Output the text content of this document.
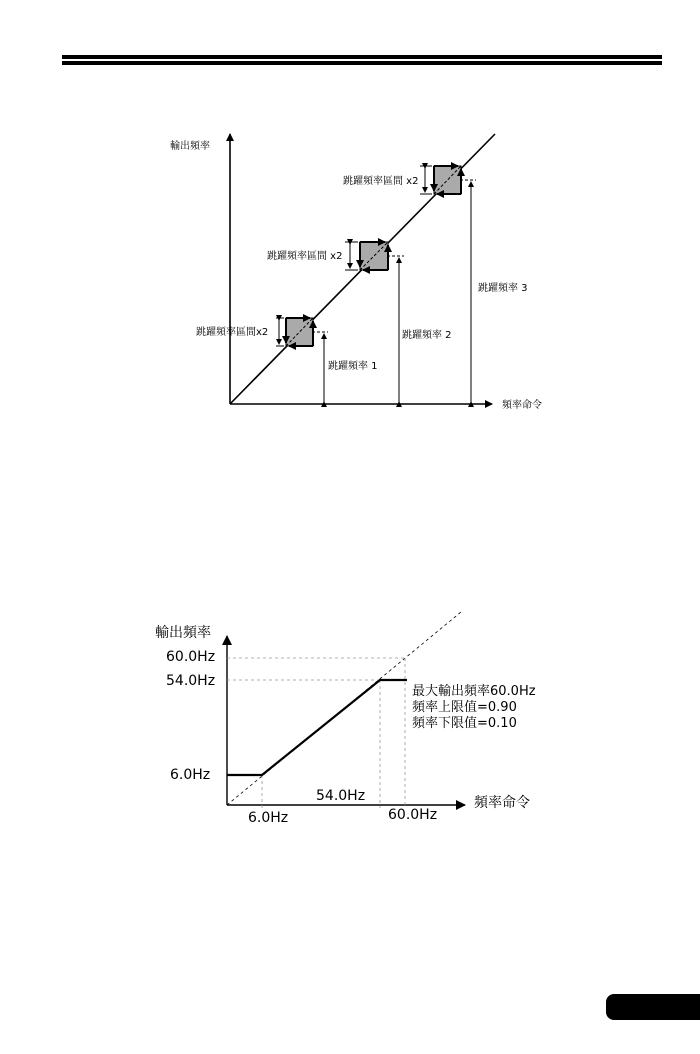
輸出頻率
頻率命令
跳躍頻率區間 x2
跳躍頻率區間 x2
跳躍頻率區間x2
跳躍頻率 1
跳躍頻率 2
跳躍頻率 3
輸出頻率
頻率命令
60.0Hz
54.0Hz
6.0Hz
6.0Hz
54.0Hz
60.0Hz
最大輸出頻率60.0Hz
頻率上限值=0.90
頻率下限值=0.10
